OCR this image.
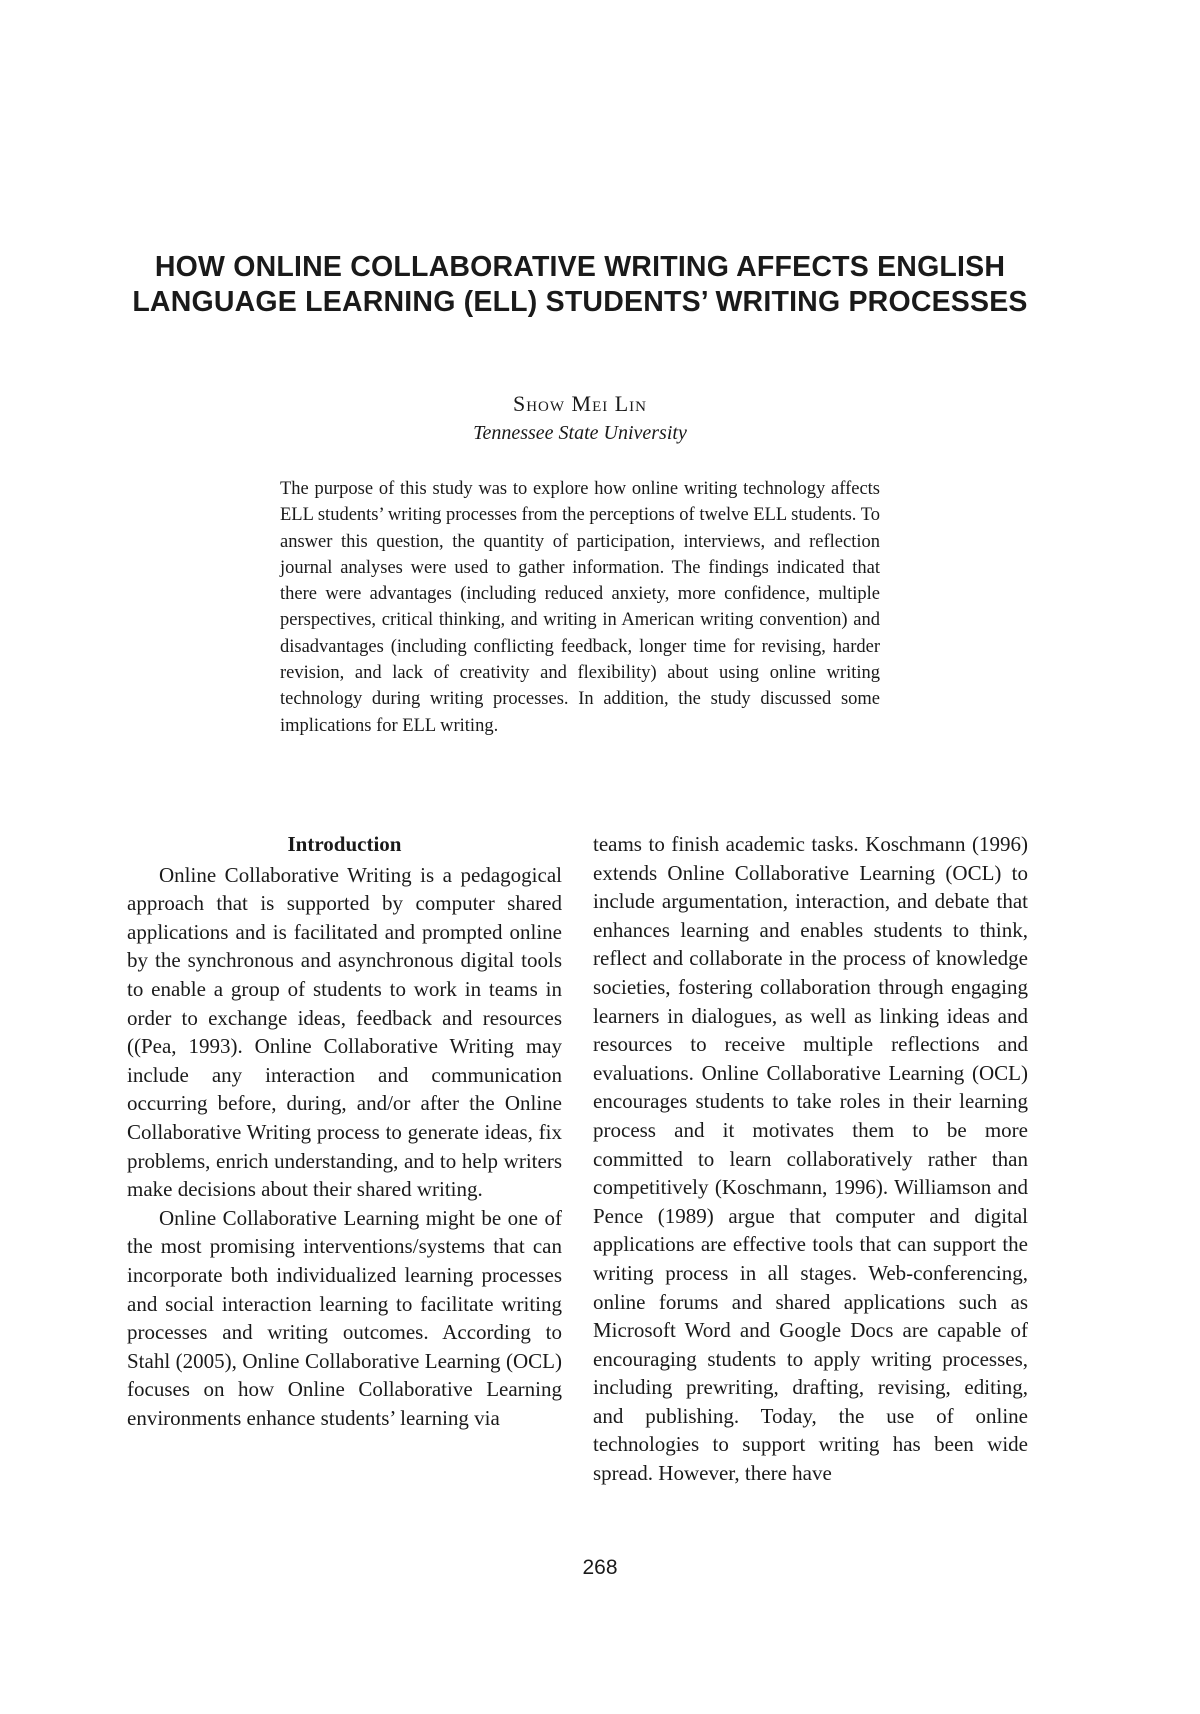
HOW ONLINE COLLABORATIVE WRITING AFFECTS ENGLISH LANGUAGE LEARNING (ELL) STUDENTS’ WRITING PROCESSES
Show Mei Lin
Tennessee State University
The purpose of this study was to explore how online writing technology affects ELL students’ writing processes from the perceptions of twelve ELL students. To answer this question, the quantity of participation, interviews, and reflection journal analyses were used to gather information. The findings indicated that there were advantages (including reduced anxiety, more confidence, multiple perspectives, critical thinking, and writing in American writing convention) and disadvantages (including conflicting feedback, longer time for revising, harder revision, and lack of creativity and flexibility) about using online writing technology during writing processes. In addition, the study discussed some implications for ELL writing.
Introduction

Online Collaborative Writing is a pedagogical approach that is supported by computer shared applications and is facilitated and prompted online by the synchronous and asynchronous digital tools to enable a group of students to work in teams in order to exchange ideas, feedback and resources ((Pea, 1993). Online Collaborative Writing may include any interaction and communication occurring before, during, and/or after the Online Collaborative Writing process to generate ideas, fix problems, enrich understanding, and to help writers make decisions about their shared writing.

Online Collaborative Learning might be one of the most promising interventions/systems that can incorporate both individualized learning processes and social interaction learning to facilitate writing processes and writing outcomes. According to Stahl (2005), Online Collaborative Learning (OCL) focuses on how Online Collaborative Learning environments enhance students’ learning via

teams to finish academic tasks. Koschmann (1996) extends Online Collaborative Learning (OCL) to include argumentation, interaction, and debate that enhances learning and enables students to think, reflect and collaborate in the process of knowledge societies, fostering collaboration through engaging learners in dialogues, as well as linking ideas and resources to receive multiple reflections and evaluations. Online Collaborative Learning (OCL) encourages students to take roles in their learning process and it motivates them to be more committed to learn collaboratively rather than competitively (Koschmann, 1996). Williamson and Pence (1989) argue that computer and digital applications are effective tools that can support the writing process in all stages. Web-conferencing, online forums and shared applications such as Microsoft Word and Google Docs are capable of encouraging students to apply writing processes, including prewriting, drafting, revising, editing, and publishing. Today, the use of online technologies to support writing has been wide spread. However, there have

268
